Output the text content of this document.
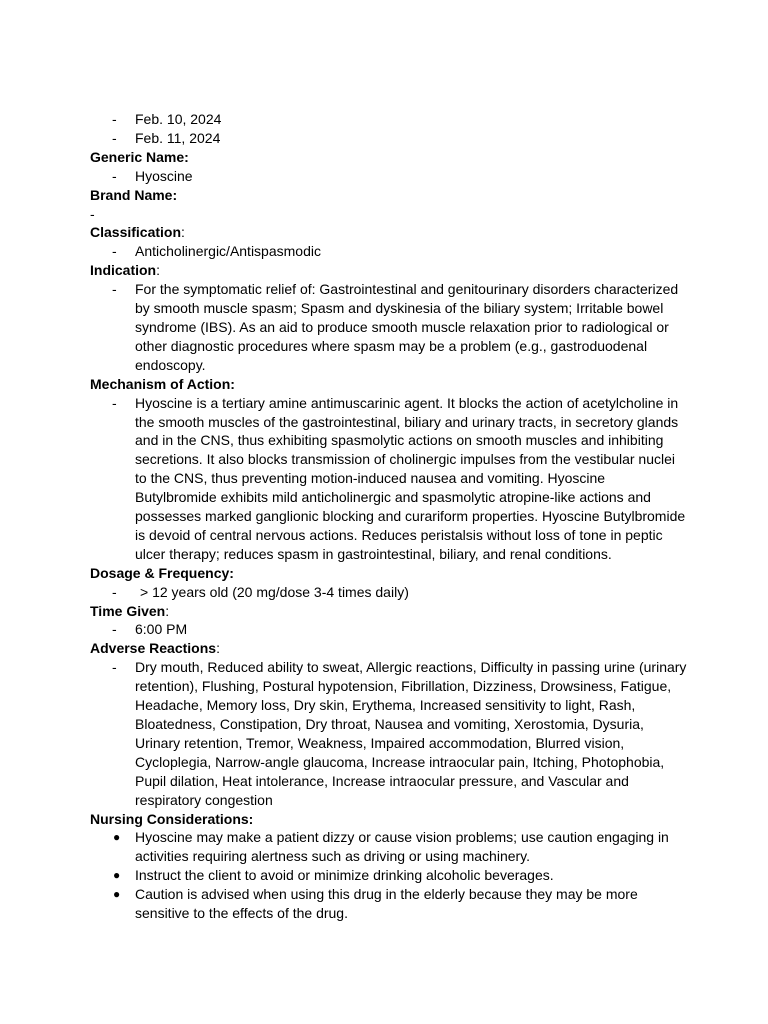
-	Feb. 10, 2024
-	Feb. 11, 2024
Generic Name:
-	Hyoscine
Brand Name:
-
Classification:
-	Anticholinergic/Antispasmodic
Indication:
-	For the symptomatic relief of: Gastrointestinal and genitourinary disorders characterized by smooth muscle spasm; Spasm and dyskinesia of the biliary system; Irritable bowel syndrome (IBS). As an aid to produce smooth muscle relaxation prior to radiological or other diagnostic procedures where spasm may be a problem (e.g., gastroduodenal endoscopy.
Mechanism of Action:
-	Hyoscine is a tertiary amine antimuscarinic agent. It blocks the action of acetylcholine in the smooth muscles of the gastrointestinal, biliary and urinary tracts, in secretory glands and in the CNS, thus exhibiting spasmolytic actions on smooth muscles and inhibiting secretions. It also blocks transmission of cholinergic impulses from the vestibular nuclei to the CNS, thus preventing motion-induced nausea and vomiting. Hyoscine Butylbromide exhibits mild anticholinergic and spasmolytic atropine-like actions and possesses marked ganglionic blocking and curariform properties. Hyoscine Butylbromide is devoid of central nervous actions. Reduces peristalsis without loss of tone in peptic ulcer therapy; reduces spasm in gastrointestinal, biliary, and renal conditions.
Dosage & Frequency:
-	> 12 years old (20 mg/dose 3-4 times daily)
Time Given:
-	6:00 PM
Adverse Reactions:
-	Dry mouth, Reduced ability to sweat, Allergic reactions, Difficulty in passing urine (urinary retention), Flushing, Postural hypotension, Fibrillation, Dizziness, Drowsiness, Fatigue, Headache, Memory loss, Dry skin, Erythema, Increased sensitivity to light, Rash, Bloatedness, Constipation, Dry throat, Nausea and vomiting, Xerostomia, Dysuria, Urinary retention, Tremor, Weakness, Impaired accommodation, Blurred vision, Cycloplegia, Narrow-angle glaucoma, Increase intraocular pain, Itching, Photophobia, Pupil dilation, Heat intolerance, Increase intraocular pressure, and Vascular and respiratory congestion
Nursing Considerations:
●	Hyoscine may make a patient dizzy or cause vision problems; use caution engaging in activities requiring alertness such as driving or using machinery.
●	Instruct the client to avoid or minimize drinking alcoholic beverages.
●	Caution is advised when using this drug in the elderly because they may be more sensitive to the effects of the drug.
